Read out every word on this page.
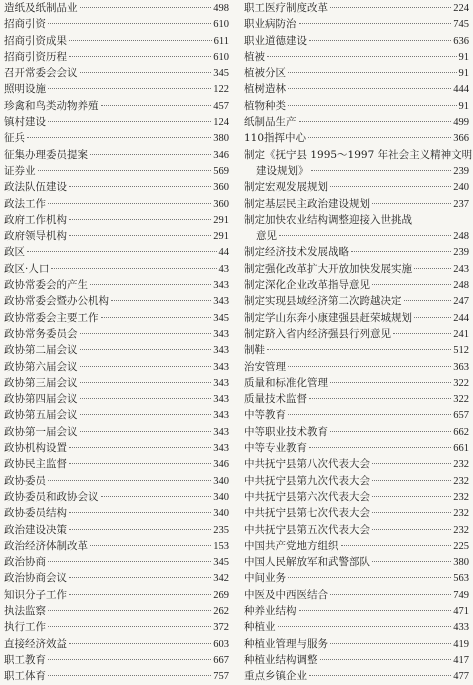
造纸及纸制品业	498
招商引资	610
招商引资成果	611
招商引资历程	610
召开常委会会议	345
照明设施	122
珍禽和鸟类动物养殖	457
镇村建设	124
征兵	380
征集办理委员提案	346
证券业	569
政法队伍建设	360
政法工作	360
政府工作机构	291
政府领导机构	291
政区	44
政区·人口	43
政协常委会的产生	343
政协常委会暨办公机构	343
政协常委会主要工作	345
政协常务委员会	343
政协第二届会议	343
政协第六届会议	343
政协第三届会议	343
政协第四届会议	343
政协第五届会议	343
政协第一届会议	343
政协机构设置	343
政协民主监督	346
政协委员	340
政协委员和政协会议	340
政协委员结构	340
政治建设决策	235
政治经济体制改革	153
政治协商	345
政治协商会议	342
知识分子工作	269
执法监察	262
执行工作	372
直接经济效益	603
职工教育	667
职工体育	757
职工医疗制度改革	224
职业病防治	745
职业道德建设	636
植被	91
植被分区	91
植树造林	444
植物种类	91
纸制品生产	499
110指挥中心	366
制定《抚宁县 1995～1997 年社会主义精神文明
建设规划》	239
制定宏观发展规划	240
制定基层民主政治建设规划	237
制定加快农业结构调整迎接入世挑战
意见	248
制定经济技术发展战略	239
制定强化改革扩大开放加快发展实施	243
制定深化企业改革指导意见	248
制定实现县域经济第二次跨越决定	247
制定学山东奔小康建强县赶荣城规划	244
制定跻入省内经济强县行列意见	241
制鞋	512
治安管理	363
质量和标准化管理	322
质量技术监督	322
中等教育	657
中等职业技术教育	662
中等专业教育	661
中共抚宁县第八次代表大会	232
中共抚宁县第九次代表大会	232
中共抚宁县第六次代表大会	232
中共抚宁县第七次代表大会	232
中共抚宁县第五次代表大会	232
中国共产党地方组织	225
中国人民解放军和武警部队	380
中间业务	563
中医及中西医结合	749
种养业结构	471
种植业	433
种植业管理与服务	419
种植业结构调整	417
重点乡镇企业	477
